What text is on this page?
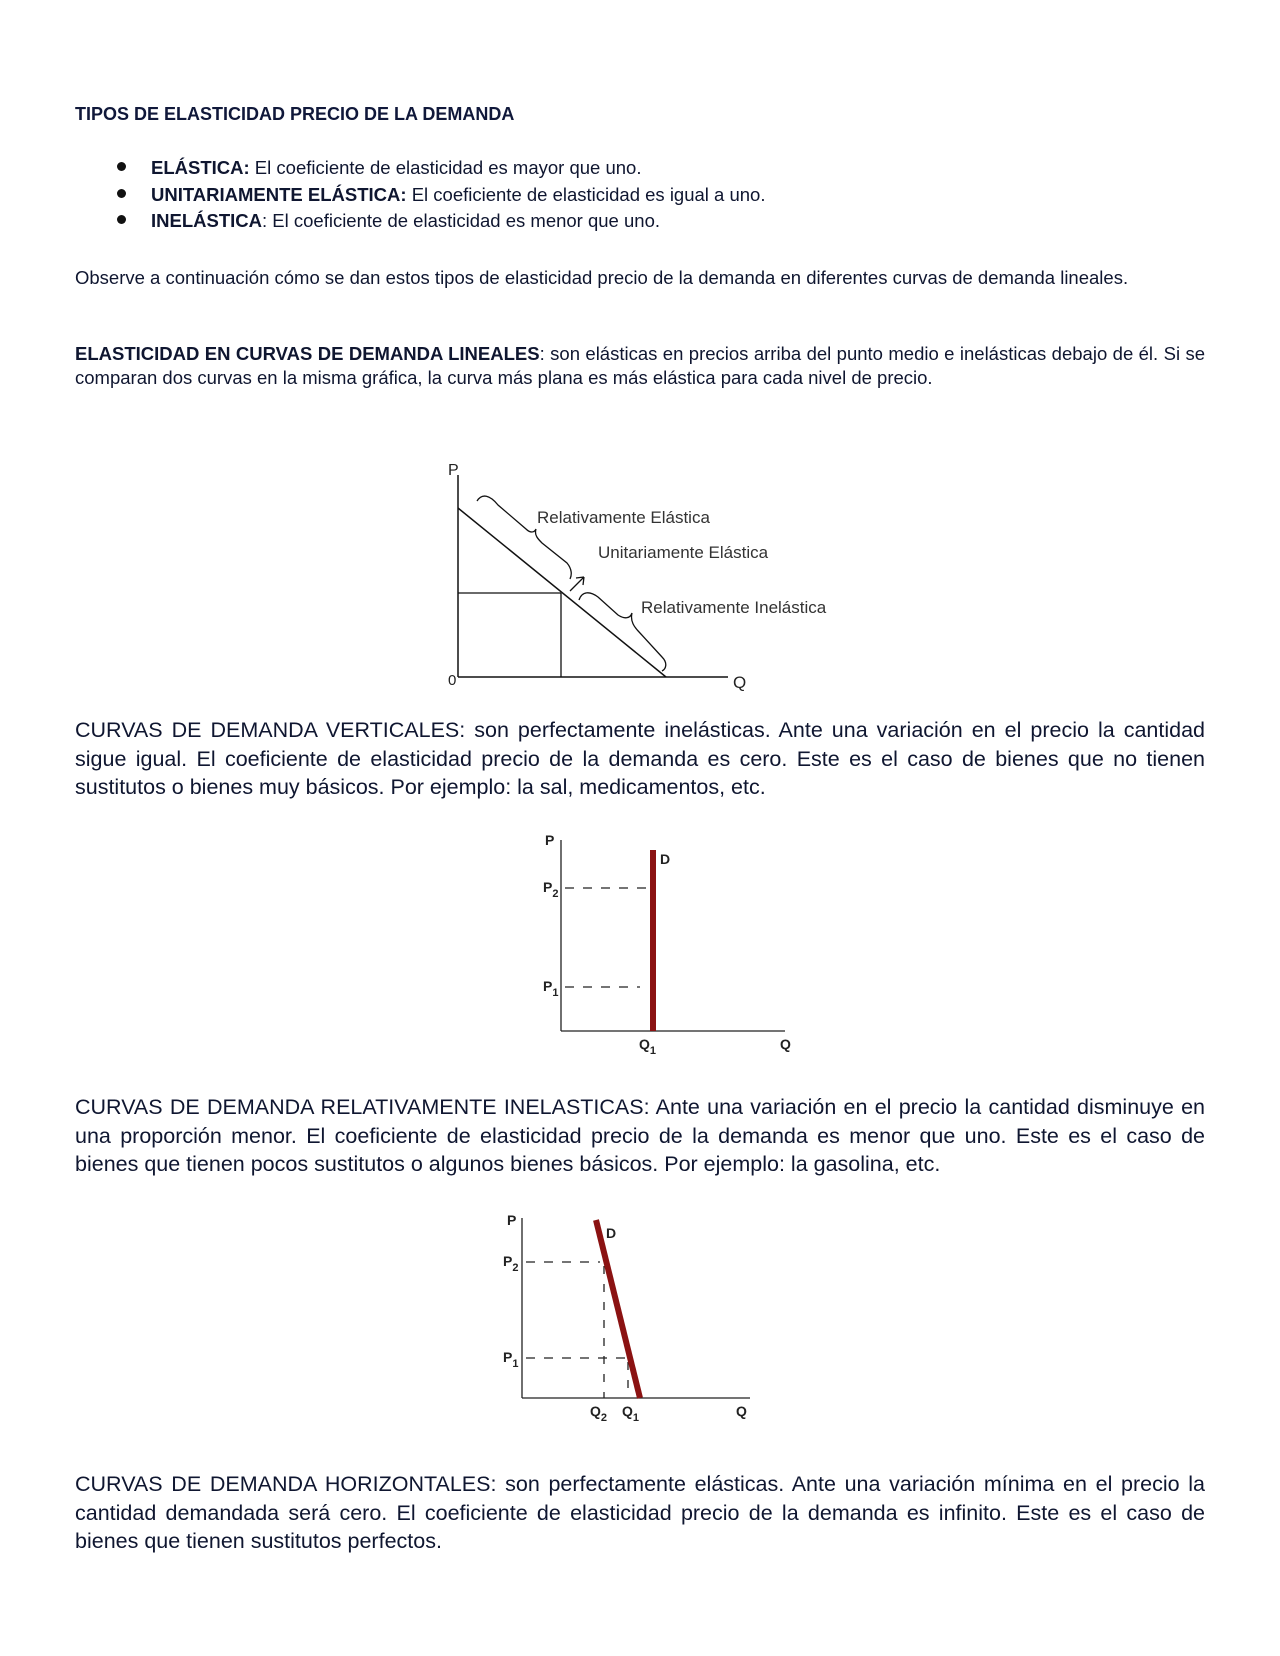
TIPOS DE ELASTICIDAD PRECIO DE LA DEMANDA
ELÁSTICA: El coeficiente de elasticidad es mayor que uno.
UNITARIAMENTE ELÁSTICA: El coeficiente de elasticidad es igual a uno.
INELÁSTICA: El coeficiente de elasticidad es menor que uno.

Observe a continuación cómo se dan estos tipos de elasticidad precio de la demanda en diferentes curvas de demanda lineales.

ELASTICIDAD EN CURVAS DE DEMANDA LINEALES: son elásticas en precios arriba del punto medio e inelásticas debajo de él. Si se comparan dos curvas en la misma gráfica, la curva más plana es más elástica para cada nivel de precio.

CURVAS DE DEMANDA VERTICALES: son perfectamente inelásticas. Ante una variación en el precio la cantidad sigue igual. El coeficiente de elasticidad precio de la demanda es cero. Este es el caso de bienes que no tienen sustitutos o bienes muy básicos. Por ejemplo: la sal, medicamentos, etc.

CURVAS DE DEMANDA RELATIVAMENTE INELASTICAS: Ante una variación en el precio la cantidad disminuye en una proporción menor. El coeficiente de elasticidad precio de la demanda es menor que uno. Este es el caso de bienes que tienen pocos sustitutos o algunos bienes básicos. Por ejemplo: la gasolina, etc.

CURVAS DE DEMANDA HORIZONTALES: son perfectamente elásticas. Ante una variación mínima en el precio la cantidad demandada será cero. El coeficiente de elasticidad precio de la demanda es infinito. Este es el caso de bienes que tienen sustitutos perfectos.

P
0	Q
Relativamente Elástica
Unitariamente Elástica
Relativamente Inelástica
P
$P_2$
$P_1$
D
$Q_1$	Q
P
$P_2$
$P_1$
D
$Q_2$ $Q_1$	Q
